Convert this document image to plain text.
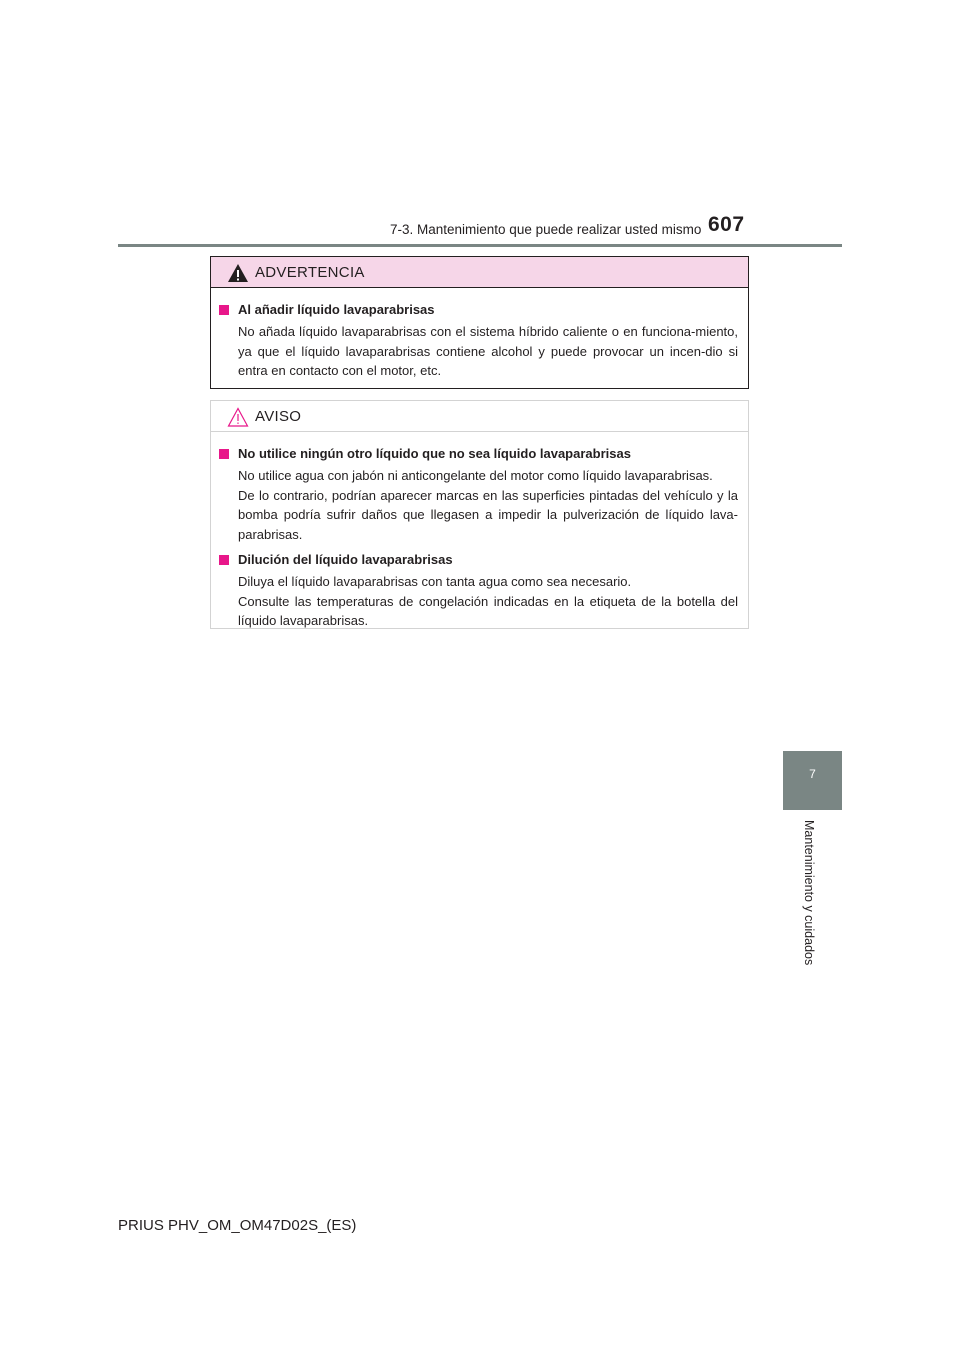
7-3. Mantenimiento que puede realizar usted mismo 607
7
Mantenimiento y cuidados
ADVERTENCIA
Al añadir líquido lavaparabrisas
No añada líquido lavaparabrisas con el sistema híbrido caliente o en funciona-miento, ya que el líquido lavaparabrisas contiene alcohol y puede provocar un incen-dio si entra en contacto con el motor, etc.
AVISO
No utilice ningún otro líquido que no sea líquido lavaparabrisas
No utilice agua con jabón ni anticongelante del motor como líquido lavaparabrisas.
De lo contrario, podrían aparecer marcas en las superficies pintadas del vehículo y la bomba podría sufrir daños que llegasen a impedir la pulverización de líquido lava-parabrisas.
Dilución del líquido lavaparabrisas
Diluya el líquido lavaparabrisas con tanta agua como sea necesario.
Consulte las temperaturas de congelación indicadas en la etiqueta de la botella del líquido lavaparabrisas.
PRIUS PHV_OM_OM47D02S_(ES)
